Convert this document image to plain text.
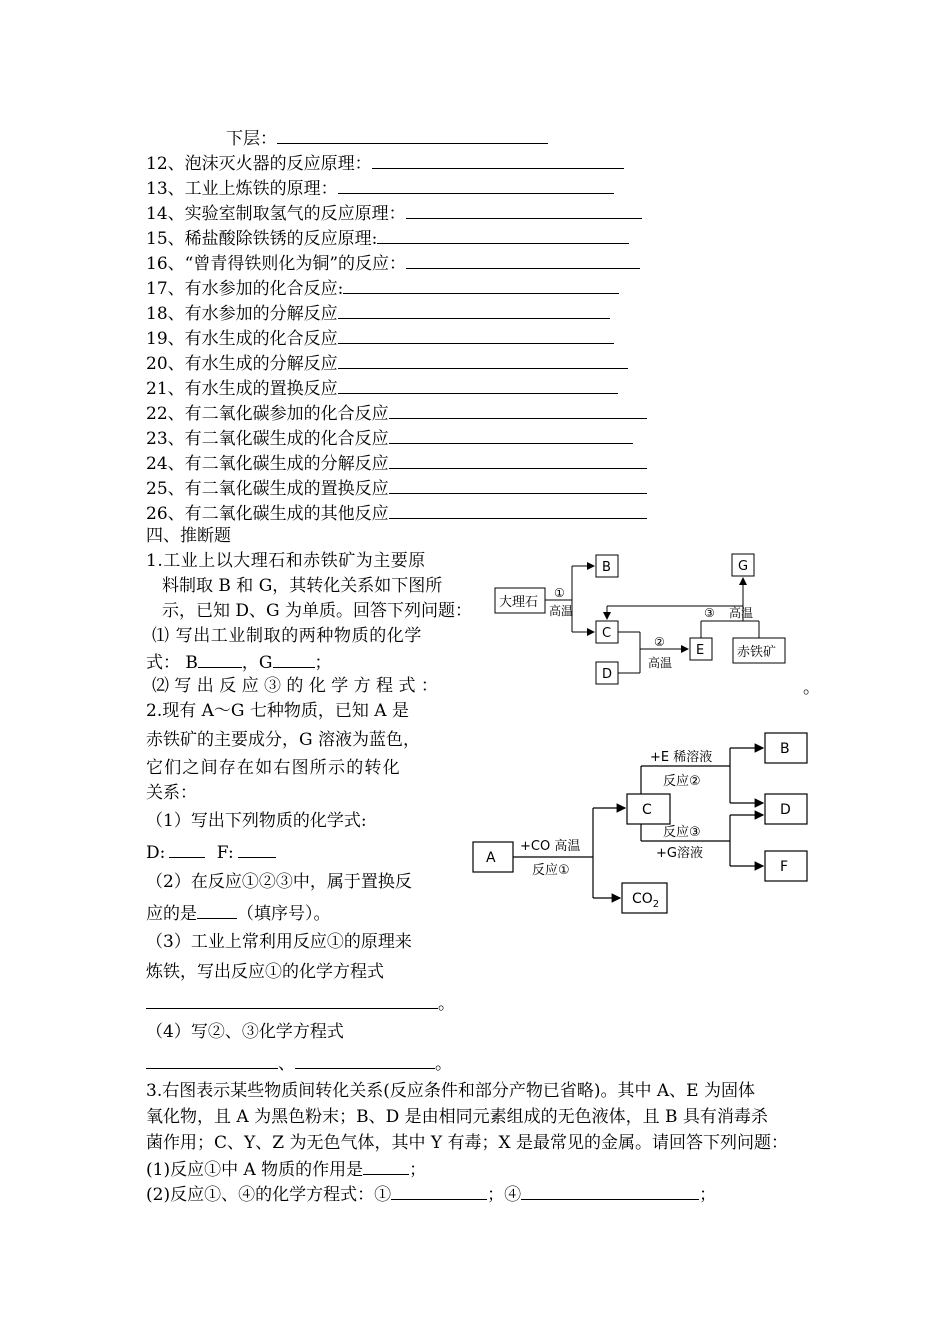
下层：
12、泡沫灭火器的反应原理：
13、工业上炼铁的原理：
14、实验室制取氢气的反应原理：
15、稀盐酸除铁锈的反应原理:
16、“曾青得铁则化为铜”的反应：
17、有水参加的化合反应:
18、有水参加的分解反应
19、有水生成的化合反应
20、有水生成的分解反应
21、有水生成的置换反应
22、有二氧化碳参加的化合反应
23、有二氧化碳生成的化合反应
24、有二氧化碳生成的分解反应
25、有二氧化碳生成的置换反应
26、有二氧化碳生成的其他反应
四、推断题
1.工业上以大理石和赤铁矿为主要原
料制取 B 和 G，其转化关系如下图所
示，已知 D、G 为单质。回答下列问题：
⑴ 写出工业制取的两种物质的化学
式： B	，G ；
⑵ 写 出 反 应 ③ 的 化 学 方 程 式 ：	。
大理石
B
C
D
E
G
赤铁矿
①
高温
②
高温
③ 高温
2.现有 A～G 七种物质，已知 A 是
赤铁矿的主要成分，G 溶液为蓝色，
它们之间存在如右图所示的转化
关系：
（1）写出下列物质的化学式:
D:	F:
（2）在反应①②③中，属于置换反
应的是 （填序号）。
（3）工业上常利用反应①的原理来
炼铁，写出反应①的化学方程式
。
（4）写②、③化学方程式
、	。
A
C
B
D
F
$CO_2$
+CO 高温
反应①
+E 稀溶液
反应②
反应③
+G溶液
3.右图表示某些物质间转化关系(反应条件和部分产物已省略)。其中 A、E 为固体
氧化物，且 A 为黑色粉末；B、D 是由相同元素组成的无色液体，且 B 具有消毒杀
菌作用；C、Y、Z 为无色气体，其中 Y 有毒；X 是最常见的金属。请回答下列问题：
(1)反应①中 A 物质的作用是	；
(2)反应①、④的化学方程式：①	；④	；
